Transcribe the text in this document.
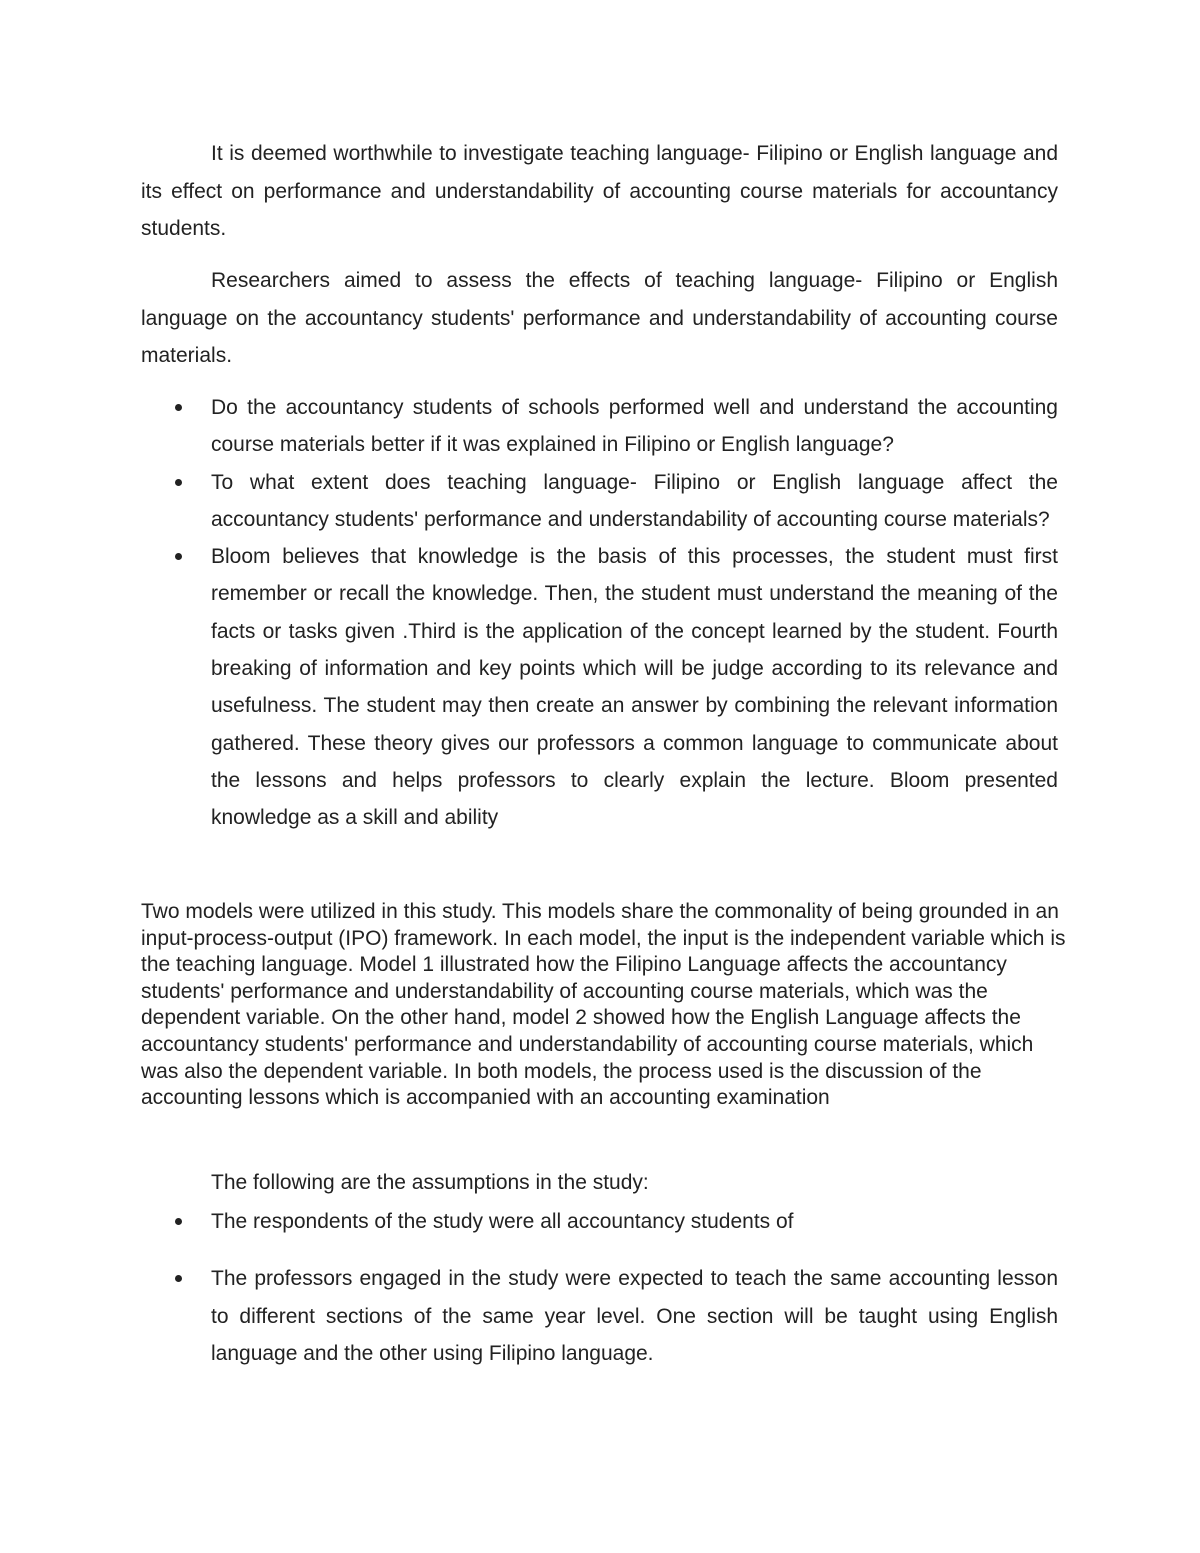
It is deemed worthwhile to investigate teaching language- Filipino or English language and its effect on performance and understandability of accounting course materials for accountancy students.

Researchers aimed to assess the effects of teaching language- Filipino or English language on the accountancy students' performance and understandability of accounting course materials.

Do the accountancy students of schools performed well and understand the accounting course materials better if it was explained in Filipino or English language?
To what extent does teaching language- Filipino or English language affect the accountancy students' performance and understandability of accounting course materials?
Bloom believes that knowledge is the basis of this processes, the student must first remember or recall the knowledge. Then, the student must understand the meaning of the facts or tasks given .Third is the application of the concept learned by the student. Fourth breaking of information and key points which will be judge according to its relevance and usefulness. The student may then create an answer by combining the relevant information gathered. These theory gives our professors a common language to communicate about the lessons and helps professors to clearly explain the lecture. Bloom presented knowledge as a skill and ability

Two models were utilized in this study. This models share the commonality of being grounded in an input-process-output (IPO) framework. In each model, the input is the independent variable which is the teaching language. Model 1 illustrated how the Filipino Language affects the accountancy students' performance and understandability of accounting course materials, which was the dependent variable. On the other hand, model 2 showed how the English Language affects the accountancy students' performance and understandability of accounting course materials, which was also the dependent variable. In both models, the process used is the discussion of the accounting lessons which is accompanied with an accounting examination

The following are the assumptions in the study:

The respondents of the study were all accountancy students of
The professors engaged in the study were expected to teach the same accounting lesson to different sections of the same year level. One section will be taught using English language and the other using Filipino language.
